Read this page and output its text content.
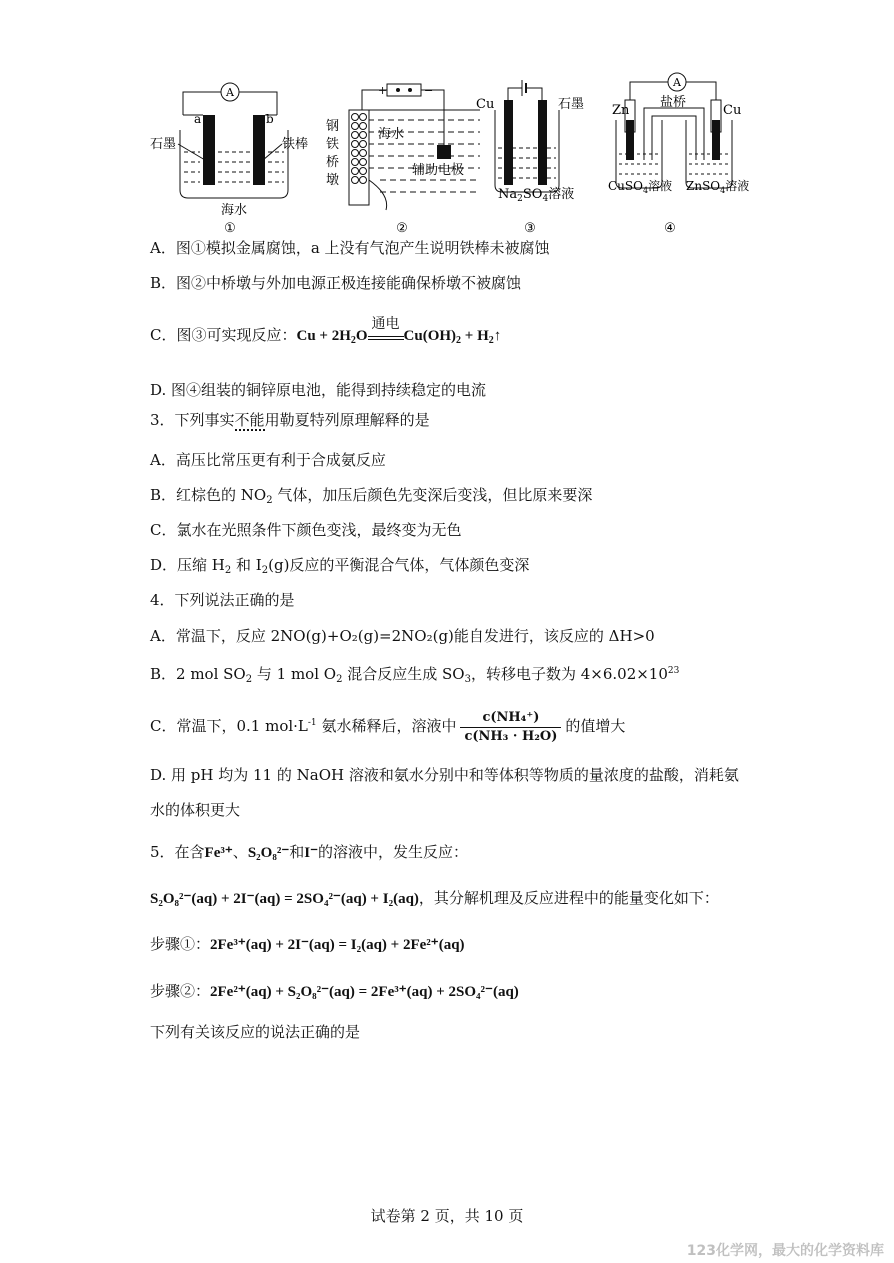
A
a	b
石墨	铁棒
海水
①
+	−
钢
铁
桥
墩
海水
辅助电极
②
Cu	石墨
$Na_2SO_4$溶液
③
A
Zn	Cu
盐桥
CuSO$_4$溶液 ZnSO$_4$溶液
④
A．图①模拟金属腐蚀，a 上没有气泡产生说明铁棒未被腐蚀
B．图②中桥墩与外加电源正极连接能确保桥墩不被腐蚀
C．图③可实现反应：$Cu + 2H_2O$
通电
$Cu(OH)_2$ + $H_2↑$
D. 图④组装的铜锌原电池，能得到持续稳定的电流
3．下列事实不能用勒夏特列原理解释的是
A．高压比常压更有利于合成氨反应
B．红棕色的 $NO_2$ 气体，加压后颜色先变深后变浅，但比原来要深
C．氯水在光照条件下颜色变浅，最终变为无色
D．压缩 $H_2$ 和 $I_2(g)$反应的平衡混合气体，气体颜色变深
4．下列说法正确的是
A．常温下，反应 2NO(g)+O₂(g)=2NO₂(g)能自发进行，该反应的 ΔH>0
B．2 mol $SO_2$ 与 1 mol $O_2$ 混合反应生成 $SO_3$，转移电子数为 $4\times 6.02\times 10^{23}$
C．常温下，0.1 $mol\cdot L^{-1}$ 氨水稀释后，溶液中 $\frac{\text{c(NH₄⁺)}}{\text{c(NH₃ · H₂O)}}$ 的值增大
D. 用 pH 均为 11 的 NaOH 溶液和氨水分别中和等体积等物质的量浓度的盐酸，消耗氨
水的体积更大
5．在含Fe³⁺、S₂O₈²⁻和I⁻的溶液中，发生反应：
S₂O₈²⁻(aq) + 2I⁻(aq) = 2SO₄²⁻(aq) + I₂(aq)，其分解机理及反应进程中的能量变化如下：
步骤①：2Fe³⁺(aq) + 2I⁻(aq) = I₂(aq) + 2Fe²⁺(aq)
步骤②：2Fe²⁺(aq) + S₂O₈²⁻(aq) = 2Fe³⁺(aq) + 2SO₄²⁻(aq)
下列有关该反应的说法正确的是
试卷第 2 页，共 10 页
123化学网，最大的化学资料库
